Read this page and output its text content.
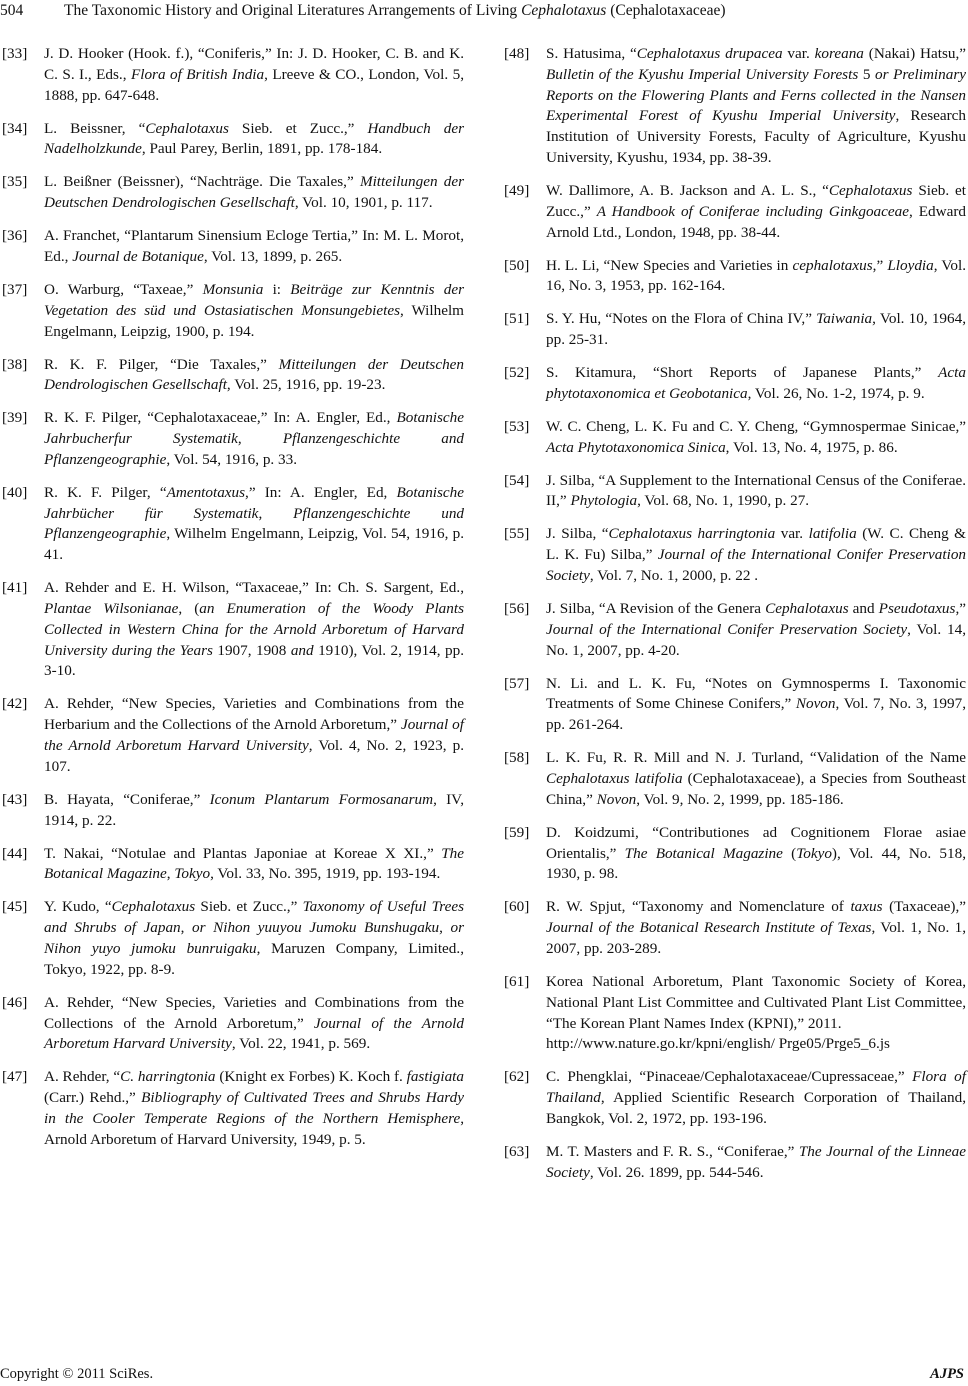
504	The Taxonomic History and Original Literatures Arrangements of Living Cephalotaxus (Cephalotaxaceae)
[33]	J. D. Hooker (Hook. f.), “Coniferis,” In: J. D. Hooker, C. B. and K. C. S. I., Eds., Flora of British India, Lreeve & CO., London, Vol. 5, 1888, pp. 647-648.
[34]	L. Beissner, “Cephalotaxus Sieb. et Zucc.,” Handbuch der Nadelholzkunde, Paul Parey, Berlin, 1891, pp. 178-184.
[35]	L. Beißner (Beissner), “Nachträge. Die Taxales,” Mitteilungen der Deutschen Dendrologischen Gesellschaft, Vol. 10, 1901, p. 117.
[36]	A. Franchet, “Plantarum Sinensium Ecloge Tertia,” In: M. L. Morot, Ed., Journal de Botanique, Vol. 13, 1899, p. 265.
[37]	O. Warburg, “Taxeae,” Monsunia і: Beiträge zur Kenntnis der Vegetation des süd und Ostasiatischen Monsungebietes, Wilhelm Engelmann, Leipzig, 1900, p. 194.
[38]	R. K. F. Pilger, “Die Taxales,” Mitteilungen der Deutschen Dendrologischen Gesellschaft, Vol. 25, 1916, pp. 19-23.
[39]	R. K. F. Pilger, “Cephalotaxaceae,” In: A. Engler, Ed., Botanische Jahrbucherfur Systematik, Pflanzengeschichte and Pflanzengeographie, Vol. 54, 1916, p. 33.
[40]	R. K. F. Pilger, “Amentotaxus,” In: A. Engler, Ed, Botanische Jahrbücher für Systematik, Pflanzengeschichte und Pflanzengeographie, Wilhelm Engelmann, Leipzig, Vol. 54, 1916, p. 41.
[41]	A. Rehder and E. H. Wilson, “Taxaceae,” In: Ch. S. Sargent, Ed., Plantae Wilsonianae, (an Enumeration of the Woody Plants Collected in Western China for the Arnold Arboretum of Harvard University during the Years 1907, 1908 and 1910), Vol. 2, 1914, pp. 3-10.
[42]	A. Rehder, “New Species, Varieties and Combinations from the Herbarium and the Collections of the Arnold Arboretum,” Journal of the Arnold Arboretum Harvard University, Vol. 4, No. 2, 1923, p. 107.
[43]	B. Hayata, “Coniferae,” Iconum Plantarum Formosanarum, IV, 1914, p. 22.
[44]	T. Nakai, “Notulae and Plantas Japoniae at Koreae X XI.,” The Botanical Magazine, Tokyo, Vol. 33, No. 395, 1919, pp. 193-194.
[45]	Y. Kudo, “Cephalotaxus Sieb. et Zucc.,” Taxonomy of Useful Trees and Shrubs of Japan, or Nihon yuuyou Jumoku Bunshugaku, or Nihon yuyo jumoku bunruigaku, Maruzen Company, Limited., Tokyo, 1922, pp. 8-9.
[46]	A. Rehder, “New Species, Varieties and Combinations from the Collections of the Arnold Arboretum,” Journal of the Arnold Arboretum Harvard University, Vol. 22, 1941, p. 569.
[47]	A. Rehder, “C. harringtonia (Knight ex Forbes) K. Koch f. fastigiata (Carr.) Rehd.,” Bibliography of Cultivated Trees and Shrubs Hardy in the Cooler Temperate Regions of the Northern Hemisphere, Arnold Arboretum of Harvard University, 1949, p. 5.
[48]	S. Hatusima, “Cephalotaxus drupacea var. koreana (Nakai) Hatsu,” Bulletin of the Kyushu Imperial University Forests 5 or Preliminary Reports on the Flowering Plants and Ferns collected in the Nansen Experimental Forest of Kyushu Imperial University, Research Institution of University Forests, Faculty of Agriculture, Kyushu University, Kyushu, 1934, pp. 38-39.
[49]	W. Dallimore, A. B. Jackson and A. L. S., “Cephalotaxus Sieb. et Zucc.,” A Handbook of Coniferae including Ginkgoaceae, Edward Arnold Ltd., London, 1948, pp. 38-44.
[50]	H. L. Li, “New Species and Varieties in cephalotaxus,” Lloydia, Vol. 16, No. 3, 1953, pp. 162-164.
[51]	S. Y. Hu, “Notes on the Flora of China IV,” Taiwania, Vol. 10, 1964, pp. 25-31.
[52]	S. Kitamura, “Short Reports of Japanese Plants,” Acta phytotaxonomica et Geobotanica, Vol. 26, No. 1-2, 1974, p. 9.
[53]	W. C. Cheng, L. K. Fu and C. Y. Cheng, “Gymnospermae Sinicae,” Acta Phytotaxonomica Sinica, Vol. 13, No. 4, 1975, p. 86.
[54]	J. Silba, “A Supplement to the International Census of the Coniferae. II,” Phytologia, Vol. 68, No. 1, 1990, p. 27.
[55]	J. Silba, “Cephalotaxus harringtonia var. latifolia (W. C. Cheng & L. K. Fu) Silba,” Journal of the International Conifer Preservation Society, Vol. 7, No. 1, 2000, p. 22 .
[56]	J. Silba, “A Revision of the Genera Cephalotaxus and Pseudotaxus,” Journal of the International Conifer Preservation Society, Vol. 14, No. 1, 2007, pp. 4-20.
[57]	N. Li. and L. K. Fu, “Notes on Gymnosperms I. Taxonomic Treatments of Some Chinese Conifers,” Novon, Vol. 7, No. 3, 1997, pp. 261-264.
[58]	L. K. Fu, R. R. Mill and N. J. Turland, “Validation of the Name Cephalotaxus latifolia (Cephalotaxaceae), a Species from Southeast China,” Novon, Vol. 9, No. 2, 1999, pp. 185-186.
[59]	D. Koidzumi, “Contributiones ad Cognitionem Florae asiae Orientalis,” The Botanical Magazine (Tokyo), Vol. 44, No. 518, 1930, p. 98.
[60]	R. W. Spjut, “Taxonomy and Nomenclature of taxus (Taxaceae),” Journal of the Botanical Research Institute of Texas, Vol. 1, No. 1, 2007, pp. 203-289.
[61]	Korea National Arboretum, Plant Taxonomic Society of Korea, National Plant List Committee and Cultivated Plant List Committee, “The Korean Plant Names Index (KPNI),” 2011.
http://www.nature.go.kr/kpni/english/ Prge05/Prge5_6.js
[62]	C. Phengklai, “Pinaceae/Cephalotaxaceae/Cupressaceae,” Flora of Thailand, Applied Scientific Research Corporation of Thailand, Bangkok, Vol. 2, 1972, pp. 193-196.
[63]	M. T. Masters and F. R. S., “Coniferae,” The Journal of the Linneae Society, Vol. 26. 1899, pp. 544-546.
Copyright © 2011 SciRes.	AJPS
